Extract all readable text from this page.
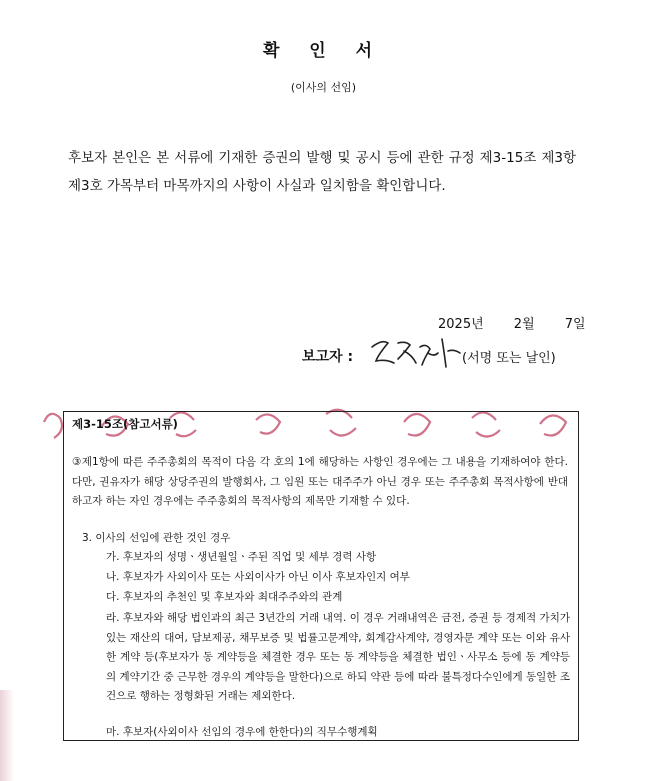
확 인 서
(이사의 선임)
후보자 본인은 본 서류에 기재한 증권의 발행 및 공시 등에 관한 규정 제3-15조 제3항 제3호 가목부터 마목까지의 사항이 사실과 일치함을 확인합니다.
2025년 2월 7일
보고자 :	(서명 또는 날인)
제3-15조(참고서류)
③제1항에 따른 주주총회의 목적이 다음 각 호의 1에 해당하는 사항인 경우에는 그 내용을 기재하여야 한다. 다만, 권유자가 해당 상당주권의 발행회사, 그 임원 또는 대주주가 아닌 경우 또는 주주총회 목적사항에 반대하고자 하는 자인 경우에는 주주총회의 목적사항의 제목만 기재할 수 있다.
3. 이사의 선임에 관한 것인 경우
가. 후보자의 성명ㆍ생년월일ㆍ주된 직업 및 세부 경력 사항
나. 후보자가 사외이사 또는 사외이사가 아닌 이사 후보자인지 여부
다. 후보자의 추천인 및 후보자와 최대주주와의 관계
라. 후보자와 해당 법인과의 최근 3년간의 거래 내역. 이 경우 거래내역은 금전, 증권 등 경제적 가치가 있는 재산의 대여, 담보제공, 채무보증 및 법률고문계약, 회계감사계약, 경영자문 계약 또는 이와 유사한 계약 등(후보자가 동 계약등을 체결한 경우 또는 동 계약등을 체결한 법인ㆍ사무소 등에 동 계약등의 계약기간 중 근무한 경우의 계약등을 말한다)으로 하되 약관 등에 따라 불특정다수인에게 동일한 조건으로 행하는 정형화된 거래는 제외한다.
마. 후보자(사외이사 선임의 경우에 한한다)의 직무수행계획
